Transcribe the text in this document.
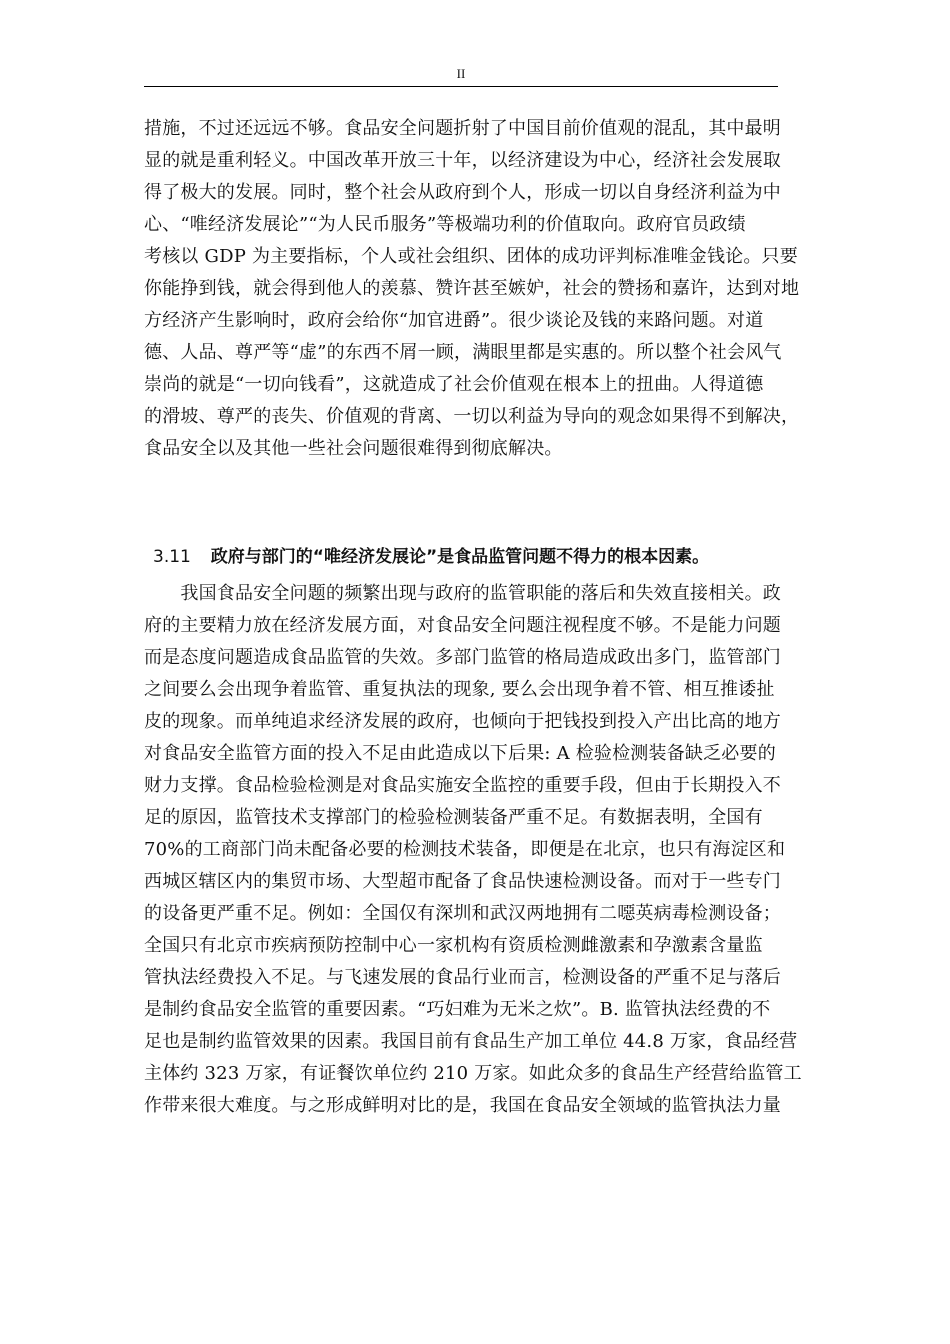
II
措施，不过还远远不够。食品安全问题折射了中国目前价值观的混乱，其中最明
显的就是重利轻义。中国改革开放三十年，以经济建设为中心，经济社会发展取
得了极大的发展。同时，整个社会从政府到个人，形成一切以自身经济利益为中
心、“唯经济发展论”“为人民币服务”等极端功利的价值取向。政府官员政绩
考核以 GDP 为主要指标，个人或社会组织、团体的成功评判标准唯金钱论。只要
你能挣到钱，就会得到他人的羡慕、赞许甚至嫉妒，社会的赞扬和嘉许，达到对地
方经济产生影响时，政府会给你“加官进爵”。很少谈论及钱的来路问题。对道
德、人品、尊严等“虚”的东西不屑一顾，满眼里都是实惠的。所以整个社会风气
崇尚的就是“一切向钱看”，这就造成了社会价值观在根本上的扭曲。人得道德
的滑坡、尊严的丧失、价值观的背离、一切以利益为导向的观念如果得不到解决，
食品安全以及其他一些社会问题很难得到彻底解决。
3.11 政府与部门的“唯经济发展论”是食品监管问题不得力的根本因素。
　　我国食品安全问题的频繁出现与政府的监管职能的落后和失效直接相关。政
府的主要精力放在经济发展方面，对食品安全问题注视程度不够。不是能力问题
而是态度问题造成食品监管的失效。多部门监管的格局造成政出多门，监管部门
之间要么会出现争着监管、重复执法的现象, 要么会出现争着不管、相互推诿扯
皮的现象。而单纯追求经济发展的政府，也倾向于把钱投到投入产出比高的地方
对食品安全监管方面的投入不足由此造成以下后果: A 检验检测装备缺乏必要的
财力支撑。食品检验检测是对食品实施安全监控的重要手段，但由于长期投入不
足的原因，监管技术支撑部门的检验检测装备严重不足。有数据表明，全国有
70%的工商部门尚未配备必要的检测技术装备，即便是在北京，也只有海淀区和
西城区辖区内的集贸市场、大型超市配备了食品快速检测设备。而对于一些专门
的设备更严重不足。例如：全国仅有深圳和武汉两地拥有二噁英病毒检测设备；
全国只有北京市疾病预防控制中心一家机构有资质检测雌激素和孕激素含量监
管执法经费投入不足。与飞速发展的食品行业而言，检测设备的严重不足与落后
是制约食品安全监管的重要因素。“巧妇难为无米之炊”。B. 监管执法经费的不
足也是制约监管效果的因素。我国目前有食品生产加工单位 44.8 万家，食品经营
主体约 323 万家，有证餐饮单位约 210 万家。如此众多的食品生产经营给监管工
作带来很大难度。与之形成鲜明对比的是，我国在食品安全领域的监管执法力量
